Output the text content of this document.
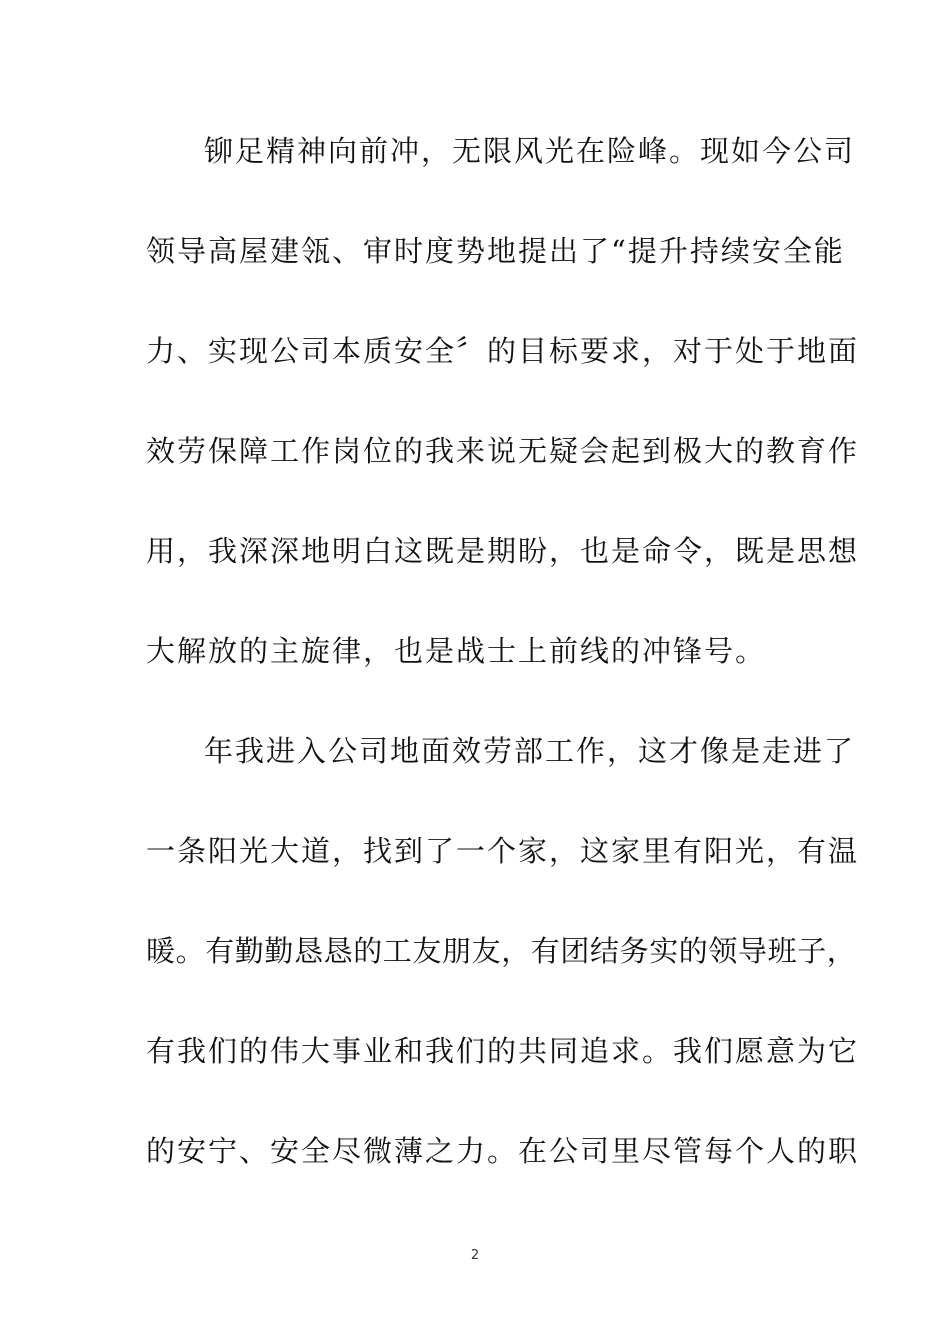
铆足精神向前冲，无限风光在险峰。现如今公司
领导高屋建瓴、审时度势地提出了“提升持续安全能
力、实现公司本质安全〞的目标要求，对于处于地面
效劳保障工作岗位的我来说无疑会起到极大的教育作
用，我深深地明白这既是期盼，也是命令，既是思想
大解放的主旋律，也是战士上前线的冲锋号。
年我进入公司地面效劳部工作，这才像是走进了
一条阳光大道，找到了一个家，这家里有阳光，有温
暖。有勤勤恳恳的工友朋友，有团结务实的领导班子，
有我们的伟大事业和我们的共同追求。我们愿意为它
的安宁、安全尽微薄之力。在公司里尽管每个人的职
2
